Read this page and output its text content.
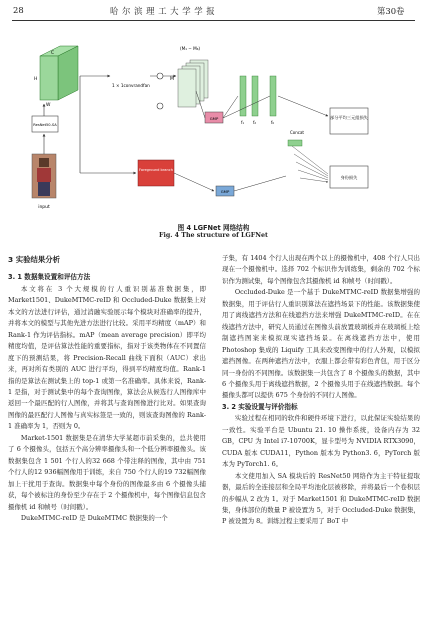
28	哈 尔 滨 理 工 大 学 学 报	第30卷
input
ResNet50-SA
C
H
W
1 × 1convrandfan
(M₁ − M₆)
M
GMP
f₁ f₂	f₆
部分平均三元组损失
Concat
身份损失
Foreground branch
GMP
图 4 LGFNet 网络结构
Fig. 4 The structure of LGFNet
3 实验结果分析
3. 1 数据集设置和评估方法

本文将在 3 个大规模的行人重识别基准数据集，即 Market1501、DukeMTMC-reID 和 Occluded-Duke 数据集上对本文的方法进行评估，通过消融实验展示每个模块对准确率的提升，并将本文的模型与其他先进方法进行比较。采用平均精度（mAP）和 Rank-1 作为评估指标。mAP（mean average precision）即平均精度均值，是评估算法性能的重要指标，指对于该类物体在不同置信度下的预测结果，将 Precision-Recall 曲线下面积（AUC）求出来，再对所有类别的 AUC 进行平均，得到平均精度均值。Rank-1 指的是算法在测试集上的 top-1 或第一名准确率。具体来说，Rank-1 是指，对于测试集中的每个查询图像，算法会从候选行人图像库中返回一个最匹配的行人图像，并将其与查询图像进行比对。如果查询图像的最匹配行人图像与真实标签是一致的，则该查询图像的 Rank-1 准确率为 1，否则为 0。

Market-1501 数据集是在清华大学某超市前采集的，总共使用了 6 个摄像头，包括五个高分辨率摄像头和一个低分辨率摄像头。该数据集包含 1 501 个行人的32 668 个带注释的图像，其中由 751 个行人的12 936幅图像用于训练，来自 750 个行人的19 732幅图像加上干扰用于查询。数据集中每个身份的图像最多由 6 个摄像头捕获，每个被标注的身份至少存在于 2 个摄像机中，每个图像信息包含摄像机 id 和帧号（时间戳）。

DukeMTMC-reID 是 DukeMTMC 数据集的一个

子集，有 1404 个行人出现在两个以上的摄像机中，408 个行人只出现在一个摄像机中。选择 702 个标识作为训练集，剩余的 702 个标识作为测试集，每个图像包含其摄像机 id 和帧号（时间戳）。

Occluded-Duke 是一个基于 DukeMTMC-reID 数据集增强的数据集，用于评估行人重识别算法在遮挡场景下的性能。该数据集使用了离线遮挡方法和在线遮挡方法来增强 DukeMTMC-reID。在在线遮挡方法中，研究人员通过在图像头前放置玻璃板并在玻璃板上绘制遮挡图案来模拟现实遮挡场景。在离线遮挡方法中，使用 Photoshop 集成的 Liquify 工具来改变图像中的行人外观，以模拟遮挡图像。在两种遮挡方法中，衣服上都会带有彩色背包，用于区分同一身份的不同图像。该数据集一共包含了 8 个摄像头的数据，其中 6 个摄像头用于离线遮挡数据，2 个摄像头用于在线遮挡数据。每个摄像头都可以提供 675 个身份的不同行人图像。

3. 2 实验设置与评价指标

实验过程在相同的软件和硬件环境下进行，以此保证实验结果的一致性。实验平台是 Ubuntu 21. 10 操作系统，设备内存为 32 GB，CPU 为 Intel i7-10700K，显卡型号为 NVIDIA RTX3090，CUDA 版本 CUDA11，Python 版本为 Python3. 6，PyTorch 版本为 PyTorch1. 6。

本文使用加入 SA 模块后的 ResNet50 网络作为主干特征提取器，最后的全连接层和全局平均池化层被移除，并将最后一个卷积层的步幅从 2 改为 1。对于 Market1501 和 DukeMTMC-reID 数据集，身体部位的数量 P 被设置为 5，对于 Occluded-Duke 数据集，P 被设置为 8。训练过程主要采用了 BoT 中
